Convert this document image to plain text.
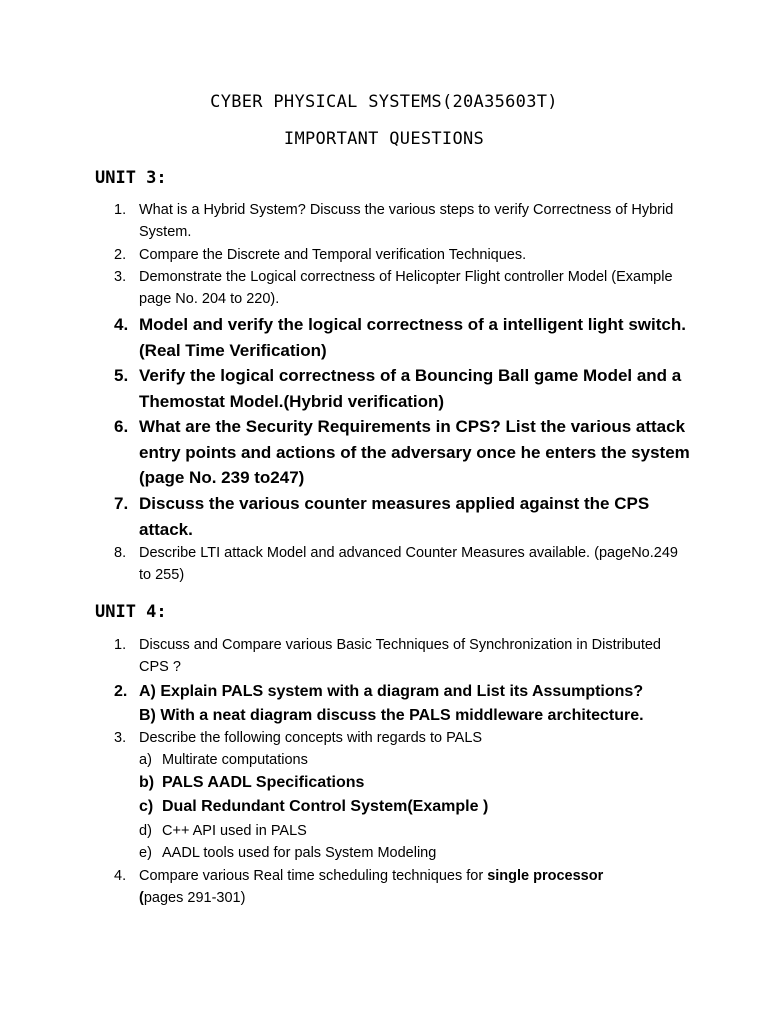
CYBER PHYSICAL SYSTEMS(20A35603T)
IMPORTANT QUESTIONS
UNIT 3:
1. What is a Hybrid System? Discuss the various steps to verify Correctness of Hybrid System.
2. Compare the Discrete and Temporal verification Techniques.
3. Demonstrate the Logical correctness of Helicopter Flight controller Model (Example page No. 204 to 220).
4. Model and verify the logical correctness of a intelligent light switch.(Real Time Verification)
5. Verify the logical correctness of a Bouncing Ball game Model and a Themostat Model.(Hybrid verification)
6. What are the Security Requirements in CPS? List the various attack entry points and actions of the adversary once he enters the system (page No. 239 to247)
7. Discuss the various counter measures applied against the CPS attack.
8. Describe LTI attack Model and advanced Counter Measures available. (pageNo.249 to 255)
UNIT 4:
1. Discuss and Compare various Basic Techniques of Synchronization in Distributed CPS ?
2. A) Explain PALS system with a diagram and List its Assumptions?
B) With a neat diagram discuss the PALS middleware architecture.
3. Describe the following concepts with regards to PALS
a) Multirate computations
b) PALS AADL Specifications
c) Dual Redundant Control System(Example )
d) C++ API used in PALS
e) AADL tools used for pals System Modeling
4. Compare various Real time scheduling techniques for single processor
(pages 291-301)
